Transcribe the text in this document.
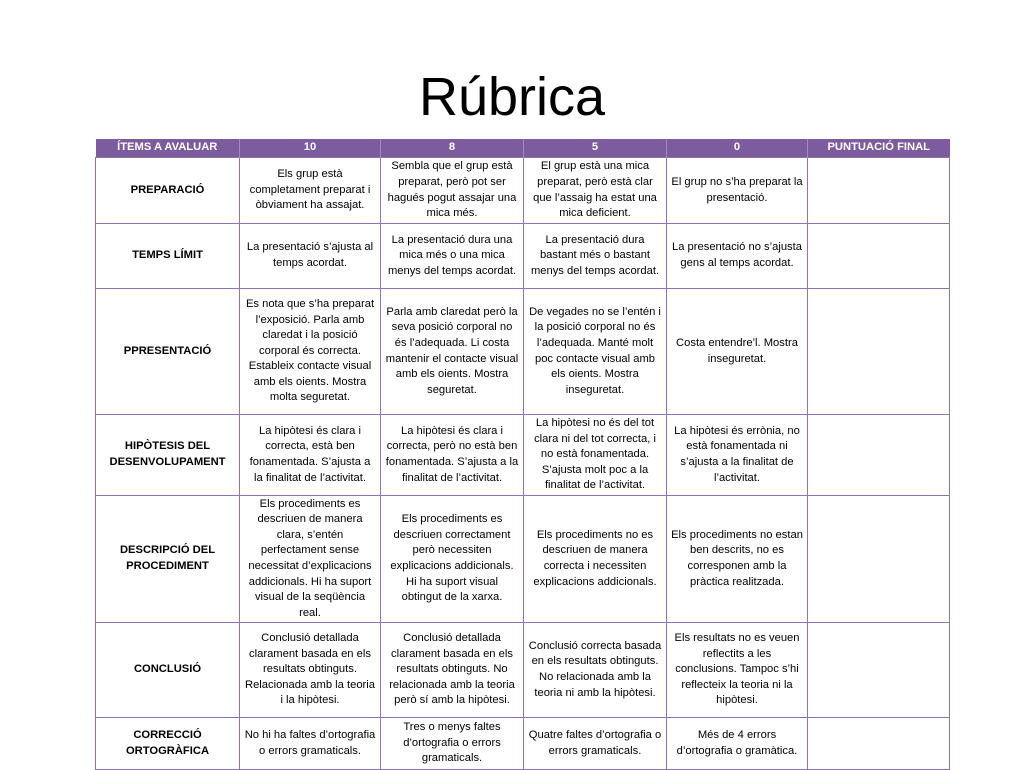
Rúbrica
ÍTEMS A AVALUAR	10	8	5	0	PUNTUACIÓ FINAL
PREPARACIÓ	Els grup està completament preparat i òbviament ha assajat.	Sembla que el grup està preparat, però pot ser hagués pogut assajar una mica més.	El grup està una mica preparat, però està clar que l’assaig ha estat una mica deficient.	El grup no s’ha preparat la presentació.	
TEMPS LÍMIT	La presentació s’ajusta al temps acordat.	La presentació dura una mica més o una mica menys del temps acordat.	La presentació dura bastant més o bastant menys del temps acordat.	La presentació no s’ajusta gens al temps acordat.	
PPRESENTACIÓ	Es nota que s’ha preparat l’exposició. Parla amb claredat i la posició corporal és correcta. Estableix contacte visual amb els oients. Mostra molta seguretat.	Parla amb claredat però la seva posició corporal no és l’adequada. Li costa mantenir el contacte visual amb els oients. Mostra seguretat.	De vegades no se l’entén i la posició corporal no és l’adequada. Manté molt poc contacte visual amb els oients. Mostra inseguretat.	Costa entendre’l. Mostra inseguretat.	
HIPÒTESIS DEL DESENVOLUPAMENT	La hipòtesi és clara i correcta, està ben fonamentada. S’ajusta a la finalitat de l’activitat.	La hipòtesi és clara i correcta, però no està ben fonamentada. S’ajusta a la finalitat de l’activitat.	La hipòtesi no és del tot clara ni del tot correcta, i no està fonamentada. S’ajusta molt poc a la finalitat de l’activitat.	La hipòtesi és errònia, no està fonamentada ni s’ajusta a la finalitat de l’activitat.	
DESCRIPCIÓ DEL PROCEDIMENT	Els procediments es descriuen de manera clara, s’entén perfectament sense necessitat d’explicacions addicionals. Hi ha suport visual de la seqüència real.	Els procediments es descriuen correctament però necessiten explicacions addicionals. Hi ha suport visual obtingut de la xarxa.	Els procediments no es descriuen de manera correcta i necessiten explicacions addicionals.	Els procediments no estan ben descrits, no es corresponen amb la pràctica realitzada.	
CONCLUSIÓ	Conclusió detallada clarament basada en els resultats obtinguts. Relacionada amb la teoria i la hipòtesi.	Conclusió detallada clarament basada en els resultats obtinguts. No relacionada amb la teoria però sí amb la hipòtesi.	Conclusió correcta basada en els resultats obtinguts. No relacionada amb la teoria ni amb la hipòtesi.	Els resultats no es veuen reflectits a les conclusions. Tampoc s’hi reflecteix la teoria ni la hipòtesi.	
CORRECCIÓ ORTOGRÀFICA	No hi ha faltes d’ortografia o errors gramaticals.	Tres o menys faltes d’ortografia o errors gramaticals.	Quatre faltes d’ortografia o errors gramaticals.	Més de 4 errors d’ortografia o gramàtica.	
